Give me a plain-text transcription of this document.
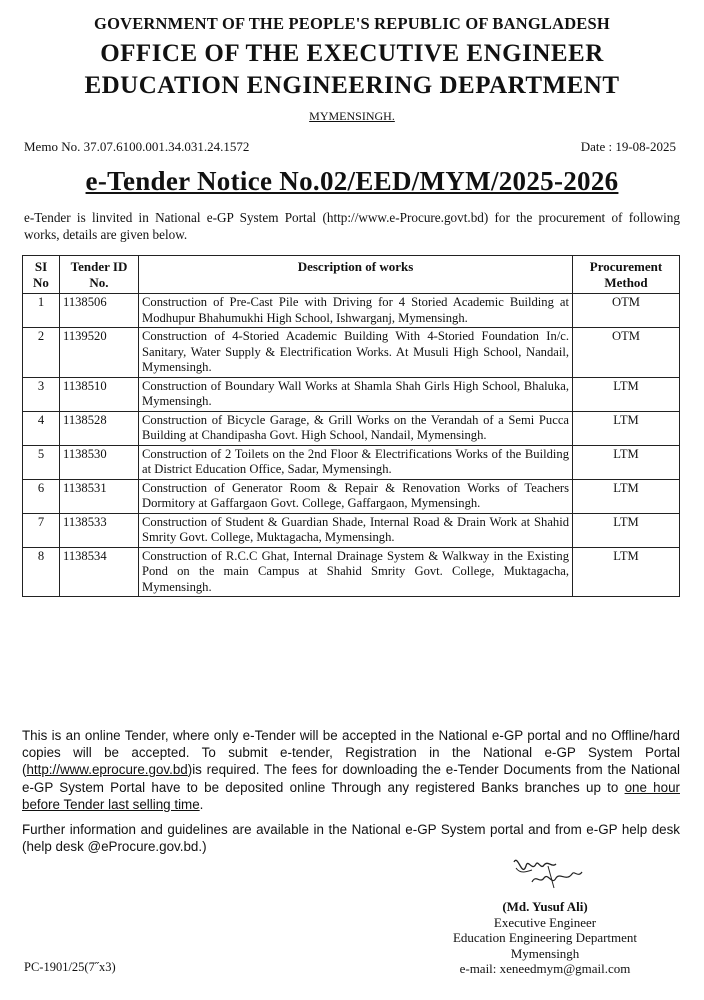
GOVERNMENT OF THE PEOPLE'S REPUBLIC OF BANGLADESH
OFFICE OF THE EXECUTIVE ENGINEER
EDUCATION ENGINEERING DEPARTMENT
MYMENSINGH.
Memo No. 37.07.6100.001.34.031.24.1572	Date : 19-08-2025
e-Tender Notice No.02/EED/MYM/2025-2026
e-Tender is linvited in National e-GP System Portal (http://www.e-Procure.govt.bd) for the procurement of following works, details are given below.
SI No	Tender ID No.	Description of works	Procurement Method
1	1138506	Construction of Pre-Cast Pile with Driving for 4 Storied Academic Building at Modhupur Bhahumukhi High School, Ishwarganj, Mymensingh.	OTM
2	1139520	Construction of 4-Storied Academic Building With 4-Storied Foundation In/c. Sanitary, Water Supply & Electrification Works. At Musuli High School, Nandail, Mymensingh.	OTM
3	1138510	Construction of Boundary Wall Works at Shamla Shah Girls High School, Bhaluka, Mymensingh.	LTM
4	1138528	Construction of Bicycle Garage, & Grill Works on the Verandah of a Semi Pucca Building at Chandipasha Govt. High School, Nandail, Mymensingh.	LTM
5	1138530	Construction of 2 Toilets on the 2nd Floor & Electrifications Works of the Building at District Education Office, Sadar, Mymensingh.	LTM
6	1138531	Construction of Generator Room & Repair & Renovation Works of Teachers Dormitory at Gaffargaon Govt. College, Gaffargaon, Mymensingh.	LTM
7	1138533	Construction of Student & Guardian Shade, Internal Road & Drain Work at Shahid Smrity Govt. College, Muktagacha, Mymensingh.	LTM
8	1138534	Construction of R.C.C Ghat, Internal Drainage System & Walkway in the Existing Pond on the main Campus at Shahid Smrity Govt. College, Muktagacha, Mymensingh.	LTM
This is an online Tender, where only e-Tender will be accepted in the National e-GP portal and no Offline/hard copies will be accepted. To submit e-tender, Registration in the National e-GP System Portal (http://www.eprocure.gov.bd)is required. The fees for downloading the e-Tender Documents from the National e-GP System Portal have to be deposited online Through any registered Banks branches up to one hour before Tender last selling time.
Further information and guidelines are available in the National e-GP System portal and from e-GP help desk (help desk @eProcure.gov.bd.)
(Md. Yusuf Ali)
Executive Engineer
Education Engineering Department
Mymensingh
e-mail: xeneedmym@gmail.com
PC-1901/25(7˝x3)
